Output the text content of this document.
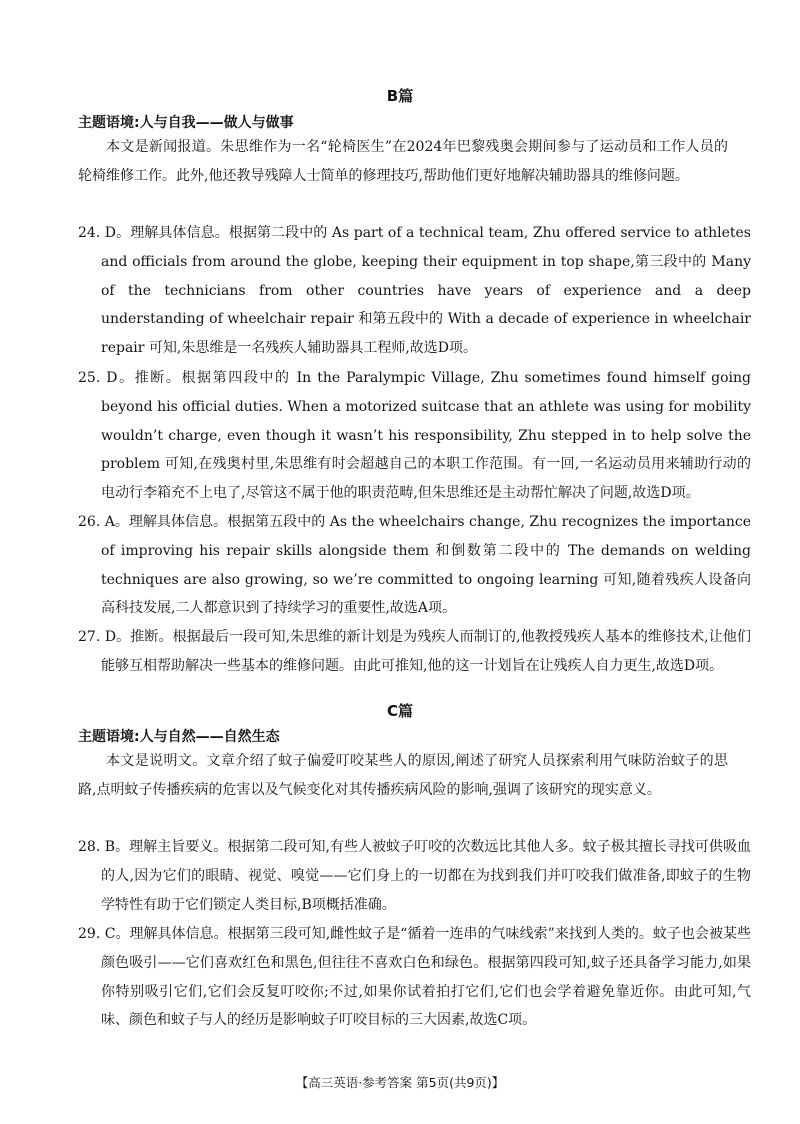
B篇
主题语境:人与自我——做人与做事

本文是新闻报道。朱思维作为一名“轮椅医生”在2024年巴黎残奥会期间参与了运动员和工作人员的轮椅维修工作。此外,他还教导残障人士简单的修理技巧,帮助他们更好地解决辅助器具的维修问题。

24. D。理解具体信息。根据第二段中的 As part of a technical team, Zhu offered service to athletes and officials from around the globe, keeping their equipment in top shape,第三段中的 Many of the technicians from other countries have years of experience and a deep understanding of wheelchair repair 和第五段中的 With a decade of experience in wheelchair repair 可知,朱思维是一名残疾人辅助器具工程师,故选D项。

25. D。推断。根据第四段中的 In the Paralympic Village, Zhu sometimes found himself going beyond his official duties. When a motorized suitcase that an athlete was using for mobility wouldn’t charge, even though it wasn’t his responsibility, Zhu stepped in to help solve the problem 可知,在残奥村里,朱思维有时会超越自己的本职工作范围。有一回,一名运动员用来辅助行动的电动行李箱充不上电了,尽管这不属于他的职责范畴,但朱思维还是主动帮忙解决了问题,故选D项。

26. A。理解具体信息。根据第五段中的 As the wheelchairs change, Zhu recognizes the importance of improving his repair skills alongside them 和倒数第二段中的 The demands on welding techniques are also growing, so we’re committed to ongoing learning 可知,随着残疾人设备向高科技发展,二人都意识到了持续学习的重要性,故选A项。

27. D。推断。根据最后一段可知,朱思维的新计划是为残疾人而制订的,他教授残疾人基本的维修技术,让他们能够互相帮助解决一些基本的维修问题。由此可推知,他的这一计划旨在让残疾人自力更生,故选D项。

C篇
主题语境:人与自然——自然生态

本文是说明文。文章介绍了蚊子偏爱叮咬某些人的原因,阐述了研究人员探索利用气味防治蚊子的思路,点明蚊子传播疾病的危害以及气候变化对其传播疾病风险的影响,强调了该研究的现实意义。

28. B。理解主旨要义。根据第二段可知,有些人被蚊子叮咬的次数远比其他人多。蚊子极其擅长寻找可供吸血的人,因为它们的眼睛、视觉、嗅觉——它们身上的一切都在为找到我们并叮咬我们做准备,即蚊子的生物学特性有助于它们锁定人类目标,B项概括准确。

29. C。理解具体信息。根据第三段可知,雌性蚊子是“循着一连串的气味线索”来找到人类的。蚊子也会被某些颜色吸引——它们喜欢红色和黑色,但往往不喜欢白色和绿色。根据第四段可知,蚊子还具备学习能力,如果你特别吸引它们,它们会反复叮咬你;不过,如果你试着拍打它们,它们也会学着避免靠近你。由此可知,气味、颜色和蚊子与人的经历是影响蚊子叮咬目标的三大因素,故选C项。

【高三英语·参考答案 第5页(共9页)】
